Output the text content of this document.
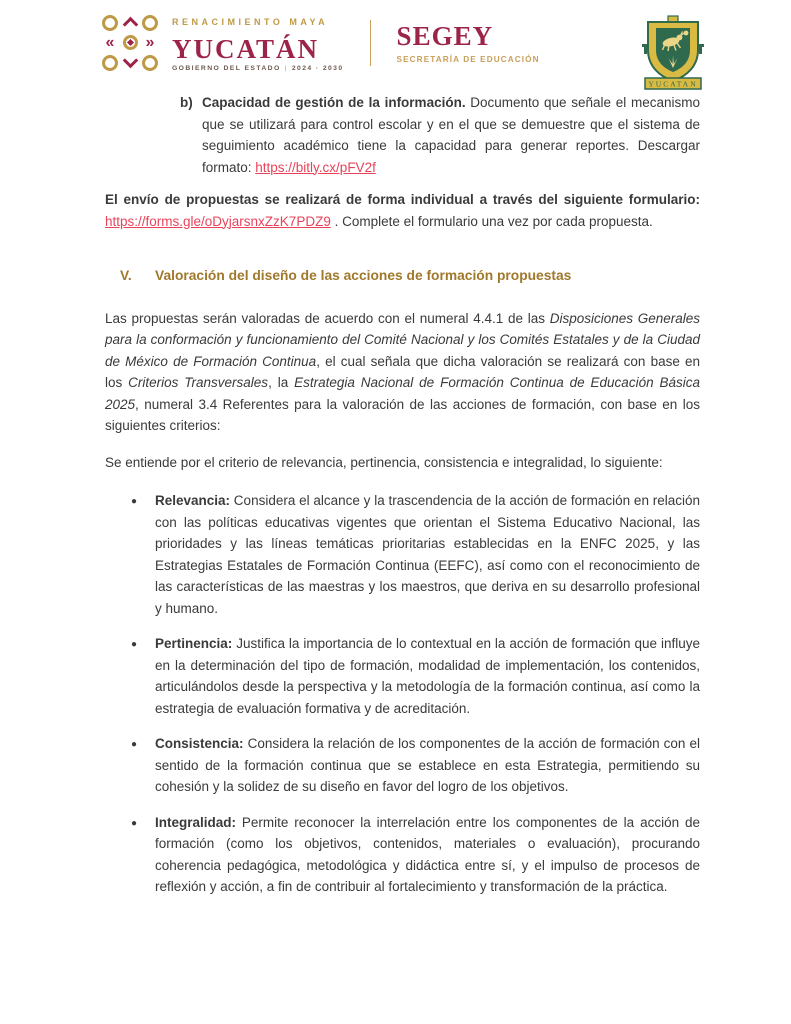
« »
RENACIMIENTO MAYA
YUCATÁN
GOBIERNO DEL ESTADO | 2024 · 2030
SEGEY
SECRETARÍA DE EDUCACIÓN
YUCATAN

b) Capacidad de gestión de la información. Documento que señale el mecanismo que se utilizará para control escolar y en el que se demuestre que el sistema de seguimiento académico tiene la capacidad para generar reportes. Descargar formato: https://bitly.cx/pFV2f

El envío de propuestas se realizará de forma individual a través del siguiente formulario: https://forms.gle/oDyjarsnxZzK7PDZ9 . Complete el formulario una vez por cada propuesta.

V. Valoración del diseño de las acciones de formación propuestas

Las propuestas serán valoradas de acuerdo con el numeral 4.4.1 de las Disposiciones Generales para la conformación y funcionamiento del Comité Nacional y los Comités Estatales y de la Ciudad de México de Formación Continua, el cual señala que dicha valoración se realizará con base en los Criterios Transversales, la Estrategia Nacional de Formación Continua de Educación Básica 2025, numeral 3.4 Referentes para la valoración de las acciones de formación, con base en los siguientes criterios:

Se entiende por el criterio de relevancia, pertinencia, consistencia e integralidad, lo siguiente:

● Relevancia: Considera el alcance y la trascendencia de la acción de formación en relación con las políticas educativas vigentes que orientan el Sistema Educativo Nacional, las prioridades y las líneas temáticas prioritarias establecidas en la ENFC 2025, y las Estrategias Estatales de Formación Continua (EEFC), así como con el reconocimiento de las características de las maestras y los maestros, que deriva en su desarrollo profesional y humano.
● Pertinencia: Justifica la importancia de lo contextual en la acción de formación que influye en la determinación del tipo de formación, modalidad de implementación, los contenidos, articulándolos desde la perspectiva y la metodología de la formación continua, así como la estrategia de evaluación formativa y de acreditación.
● Consistencia: Considera la relación de los componentes de la acción de formación con el sentido de la formación continua que se establece en esta Estrategia, permitiendo su cohesión y la solidez de su diseño en favor del logro de los objetivos.
● Integralidad: Permite reconocer la interrelación entre los componentes de la acción de formación (como los objetivos, contenidos, materiales o evaluación), procurando coherencia pedagógica, metodológica y didáctica entre sí, y el impulso de procesos de reflexión y acción, a fin de contribuir al fortalecimiento y transformación de la práctica.
